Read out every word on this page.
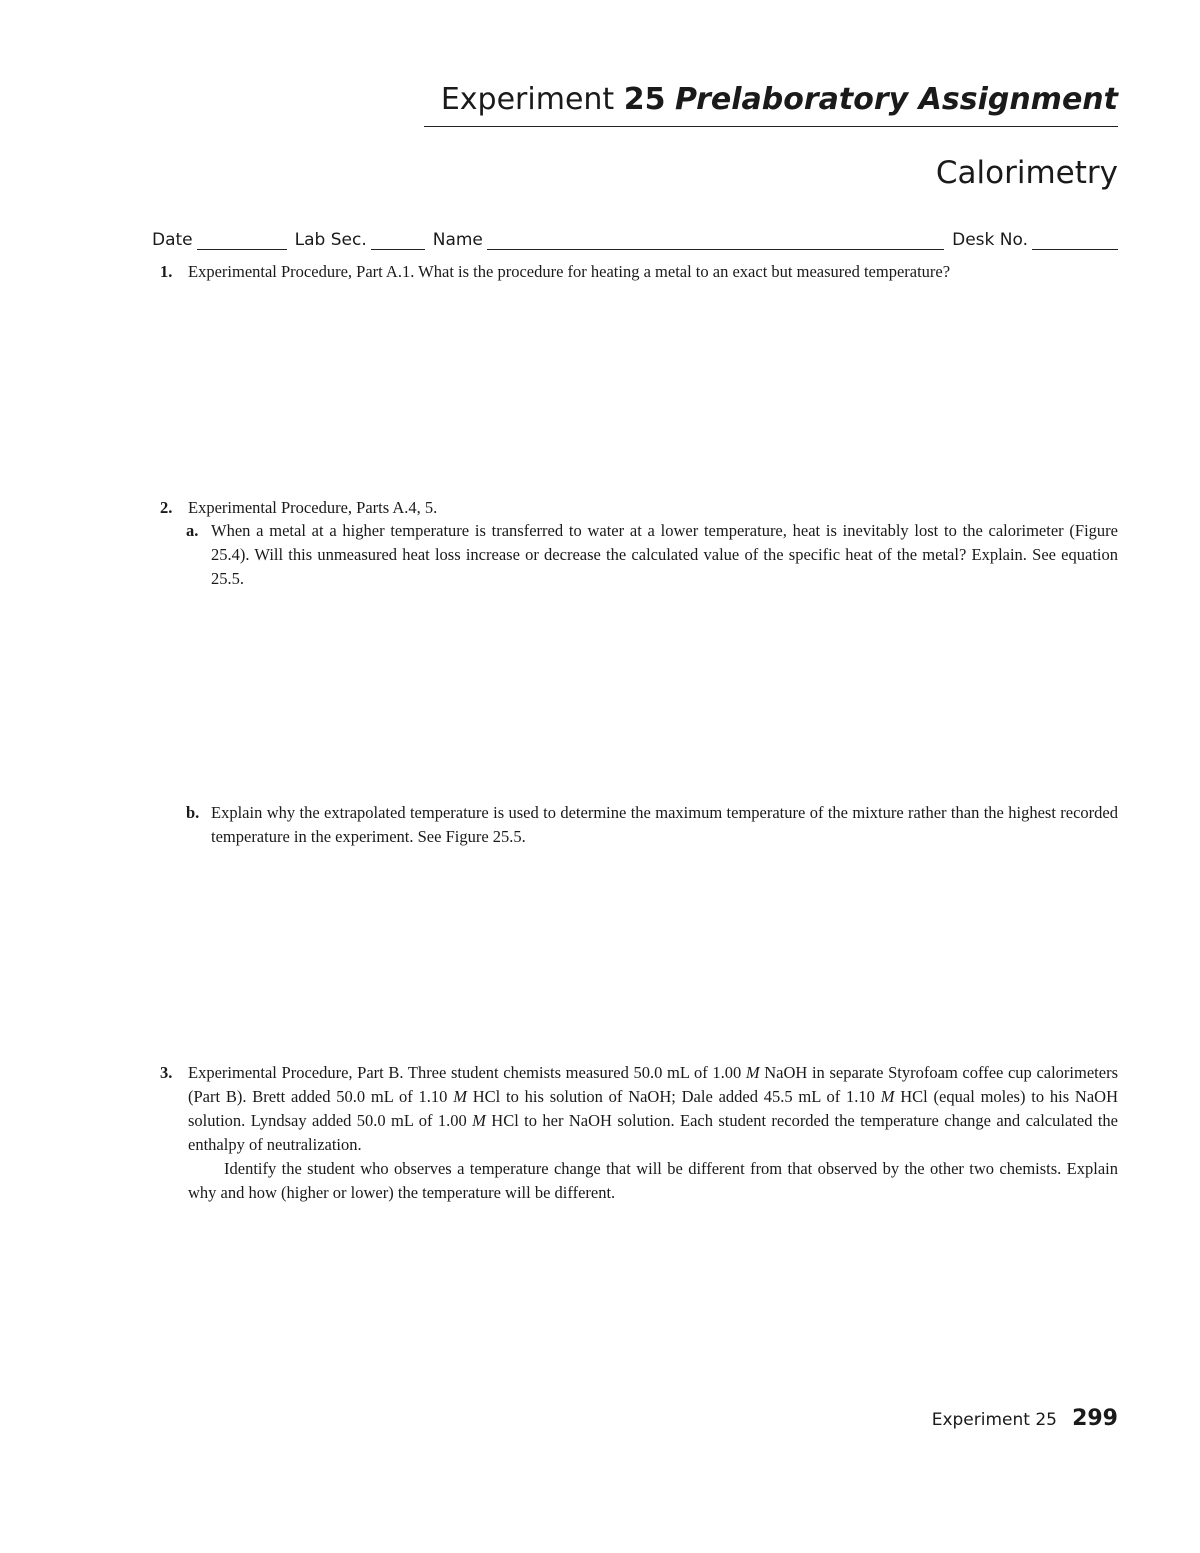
Experiment 25 Prelaboratory Assignment
Calorimetry
Date	Lab Sec.	Name	Desk No.
1. Experimental Procedure, Part A.1. What is the procedure for heating a metal to an exact but measured temperature?
2. Experimental Procedure, Parts A.4, 5.
a. When a metal at a higher temperature is transferred to water at a lower temperature, heat is inevitably lost to the calorimeter (Figure 25.4). Will this unmeasured heat loss increase or decrease the calculated value of the specific heat of the metal? Explain. See equation 25.5.
b. Explain why the extrapolated temperature is used to determine the maximum temperature of the mixture rather than the highest recorded temperature in the experiment. See Figure 25.5.
3. Experimental Procedure, Part B. Three student chemists measured 50.0 mL of 1.00 M NaOH in separate Styrofoam coffee cup calorimeters (Part B). Brett added 50.0 mL of 1.10 M HCl to his solution of NaOH; Dale added 45.5 mL of 1.10 M HCl (equal moles) to his NaOH solution. Lyndsay added 50.0 mL of 1.00 M HCl to her NaOH solution. Each student recorded the temperature change and calculated the enthalpy of neutralization.

Identify the student who observes a temperature change that will be different from that observed by the other two chemists. Explain why and how (higher or lower) the temperature will be different.

Experiment 25 299
